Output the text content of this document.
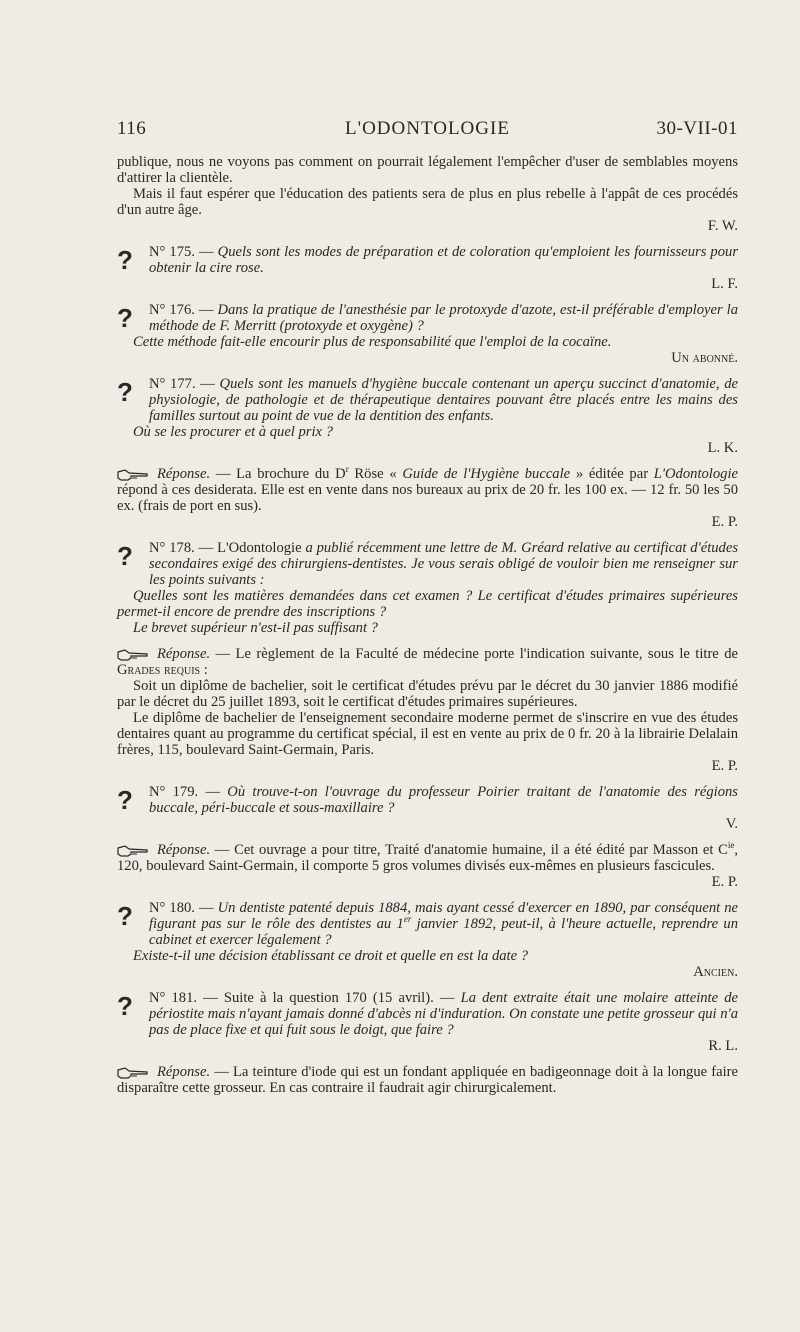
116	L'ODONTOLOGIE	30-VII-01

publique, nous ne voyons pas comment on pourrait légalement l'empêcher d'user de semblables moyens d'attirer la clientèle.

Mais il faut espérer que l'éducation des patients sera de plus en plus rebelle à l'appât de ces procédés d'un autre âge.

F. W.

? N° 175. — Quels sont les modes de préparation et de coloration qu'emploient les fournisseurs pour obtenir la cire rose.

L. F.

? N° 176. — Dans la pratique de l'anesthésie par le protoxyde d'azote, est-il préférable d'employer la méthode de F. Merritt (protoxyde et oxygène) ?

Cette méthode fait-elle encourir plus de responsabilité que l'emploi de la cocaïne.

Un abonné.

? N° 177. — Quels sont les manuels d'hygiène buccale contenant un aperçu succinct d'anatomie, de physiologie, de pathologie et de thérapeutique dentaires pouvant être placés entre les mains des familles surtout au point de vue de la dentition des enfants.

Où se les procurer et à quel prix ?

L. K.

Réponse. — La brochure du $D^r$ Röse « Guide de l'Hygiène buccale » éditée par L'Odontologie répond à ces desiderata. Elle est en vente dans nos bureaux au prix de 20 fr. les 100 ex. — 12 fr. 50 les 50 ex. (frais de port en sus).

E. P.

? N° 178. — L'Odontologie a publié récemment une lettre de M. Gréard relative au certificat d'études secondaires exigé des chirurgiens-dentistes. Je vous serais obligé de vouloir bien me renseigner sur les points suivants :

Quelles sont les matières demandées dans cet examen ? Le certificat d'études primaires supérieures permet-il encore de prendre des inscriptions ?

Le brevet supérieur n'est-il pas suffisant ?

Réponse. — Le règlement de la Faculté de médecine porte l'indication suivante, sous le titre de Grades requis :

Soit un diplôme de bachelier, soit le certificat d'études prévu par le décret du 30 janvier 1886 modifié par le décret du 25 juillet 1893, soit le certificat d'études primaires supérieures.

Le diplôme de bachelier de l'enseignement secondaire moderne permet de s'inscrire en vue des études dentaires quant au programme du certificat spécial, il est en vente au prix de 0 fr. 20 à la librairie Delalain frères, 115, boulevard Saint-Germain, Paris.

E. P.

? N° 179. — Où trouve-t-on l'ouvrage du professeur Poirier traitant de l'anatomie des régions buccale, péri-buccale et sous-maxillaire ?

V.

Réponse. — Cet ouvrage a pour titre, Traité d'anatomie humaine, il a été édité par Masson et $C^{ie}$, 120, boulevard Saint-Germain, il comporte 5 gros volumes divisés eux-mêmes en plusieurs fascicules.

E. P.

? N° 180. — Un dentiste patenté depuis 1884, mais ayant cessé d'exercer en 1890, par conséquent ne figurant pas sur le rôle des dentistes au 1er janvier 1892, peut-il, à l'heure actuelle, reprendre un cabinet et exercer légalement ?

Existe-t-il une décision établissant ce droit et quelle en est la date ?

Ancien.

? N° 181. — Suite à la question 170 (15 avril). — La dent extraite était une molaire atteinte de périostite mais n'ayant jamais donné d'abcès ni d'induration. On constate une petite grosseur qui n'a pas de place fixe et qui fuit sous le doigt, que faire ?

R. L.

Réponse. — La teinture d'iode qui est un fondant appliquée en badigeonnage doit à la longue faire disparaître cette grosseur. En cas contraire il faudrait agir chirurgicalement.
